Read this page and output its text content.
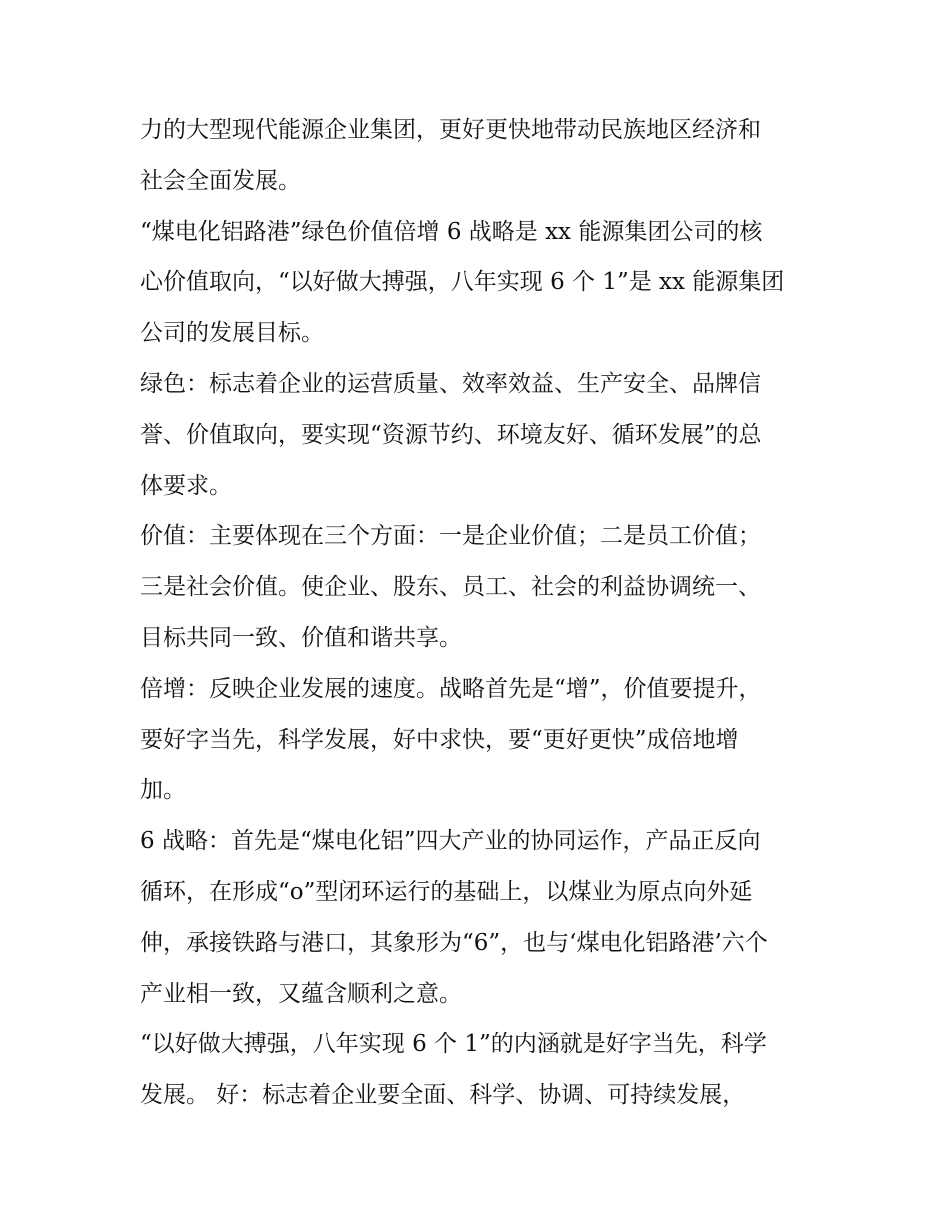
力的大型现代能源企业集团，更好更快地带动民族地区经济和
社会全面发展。
“煤电化铝路港”绿色价值倍增 6 战略是 xx 能源集团公司的核
心价值取向，“以好做大搏强，八年实现 6 个 1”是 xx 能源集团
公司的发展目标。
绿色：标志着企业的运营质量、效率效益、生产安全、品牌信
誉、价值取向，要实现“资源节约、环境友好、循环发展”的总
体要求。
价值：主要体现在三个方面：一是企业价值；二是员工价值；
三是社会价值。使企业、股东、员工、社会的利益协调统一、
目标共同一致、价值和谐共享。
倍增：反映企业发展的速度。战略首先是“增”，价值要提升，
要好字当先，科学发展，好中求快，要“更好更快”成倍地增
加。
6 战略：首先是“煤电化铝”四大产业的协同运作，产品正反向
循环，在形成“o”型闭环运行的基础上，以煤业为原点向外延
伸，承接铁路与港口，其象形为“6”，也与‘煤电化铝路港’六个
产业相一致，又蕴含顺利之意。
“以好做大搏强，八年实现 6 个 1”的内涵就是好字当先，科学
发展。 好：标志着企业要全面、科学、协调、可持续发展，
